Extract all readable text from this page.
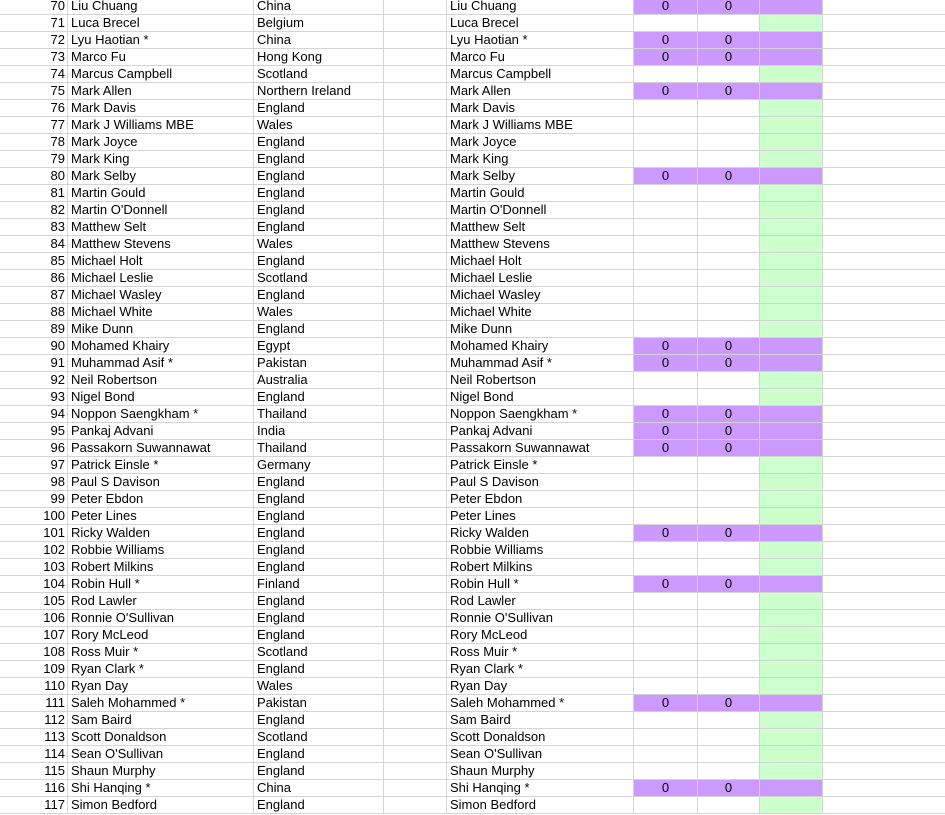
70 Liu Chuang	China	Liu Chuang	0	0
71 Luca Brecel	Belgium	Luca Brecel
72 Lyu Haotian *	China	Lyu Haotian *	0	0
73 Marco Fu	Hong Kong	Marco Fu	0	0
74 Marcus Campbell	Scotland	Marcus Campbell
75 Mark Allen	Northern Ireland	Mark Allen	0	0
76 Mark Davis	England	Mark Davis
77 Mark J Williams MBE	Wales	Mark J Williams MBE
78 Mark Joyce	England	Mark Joyce
79 Mark King	England	Mark King
80 Mark Selby	England	Mark Selby	0	0
81 Martin Gould	England	Martin Gould
82 Martin O'Donnell	England	Martin O'Donnell
83 Matthew Selt	England	Matthew Selt
84 Matthew Stevens	Wales	Matthew Stevens
85 Michael Holt	England	Michael Holt
86 Michael Leslie	Scotland	Michael Leslie
87 Michael Wasley	England	Michael Wasley
88 Michael White	Wales	Michael White
89 Mike Dunn	England	Mike Dunn
90 Mohamed Khairy	Egypt	Mohamed Khairy	0	0
91 Muhammad Asif *	Pakistan	Muhammad Asif *	0	0
92 Neil Robertson	Australia	Neil Robertson
93 Nigel Bond	England	Nigel Bond
94 Noppon Saengkham *	Thailand	Noppon Saengkham *	0	0
95 Pankaj Advani	India	Pankaj Advani	0	0
96 Passakorn Suwannawat	Thailand	Passakorn Suwannawat	0	0
97 Patrick Einsle *	Germany	Patrick Einsle *
98 Paul S Davison	England	Paul S Davison
99 Peter Ebdon	England	Peter Ebdon
100 Peter Lines	England	Peter Lines
101 Ricky Walden	England	Ricky Walden	0	0
102 Robbie Williams	England	Robbie Williams
103 Robert Milkins	England	Robert Milkins
104 Robin Hull *	Finland	Robin Hull *	0	0
105 Rod Lawler	England	Rod Lawler
106 Ronnie O'Sullivan	England	Ronnie O'Sullivan
107 Rory McLeod	England	Rory McLeod
108 Ross Muir *	Scotland	Ross Muir *
109 Ryan Clark *	England	Ryan Clark *
110 Ryan Day	Wales	Ryan Day
111 Saleh Mohammed *	Pakistan	Saleh Mohammed *	0	0
112 Sam Baird	England	Sam Baird
113 Scott Donaldson	Scotland	Scott Donaldson
114 Sean O'Sullivan	England	Sean O'Sullivan
115 Shaun Murphy	England	Shaun Murphy
116 Shi Hanqing *	China	Shi Hanqing *	0	0
117 Simon Bedford	England	Simon Bedford
